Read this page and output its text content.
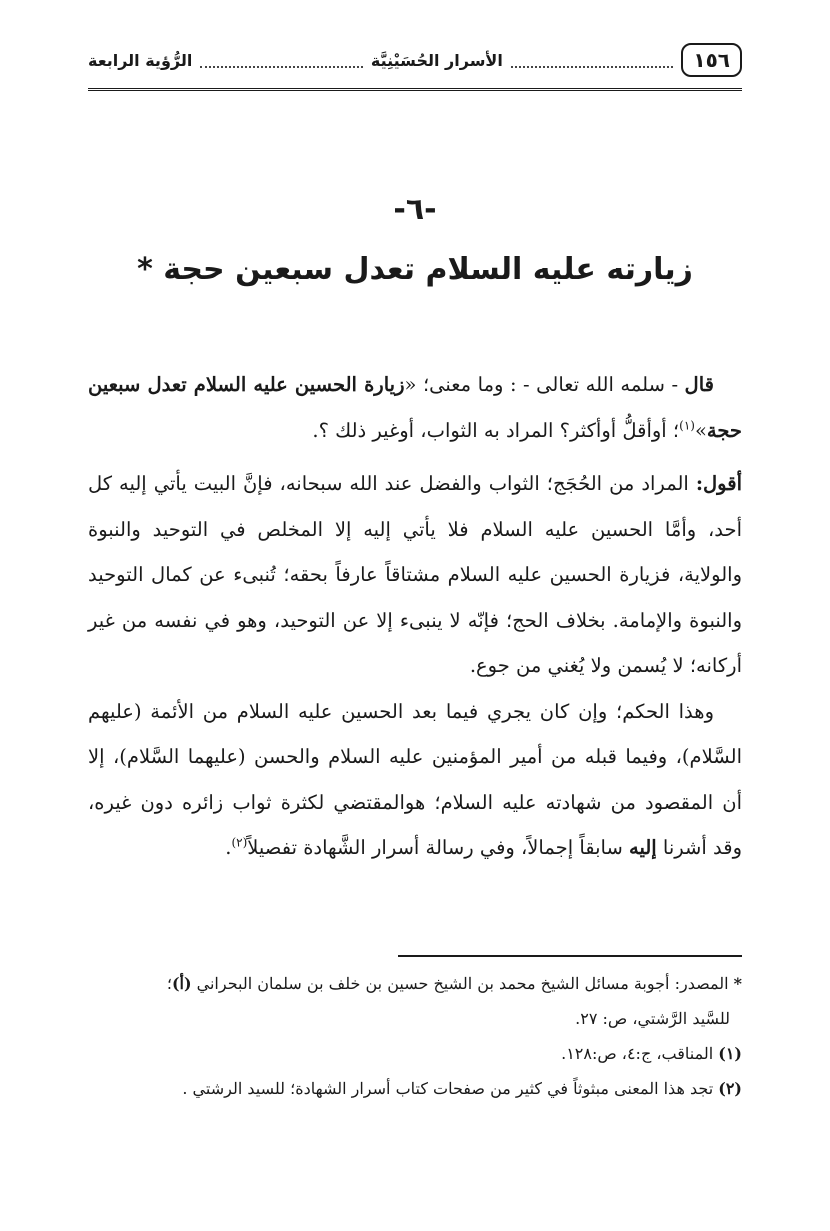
١٥٦
الأسرار الحُسَيْنِيَّة
الرُّؤية الرابعة
-٦-
زيارته عليه السلام تعدل سبعين حجة *

قال - سلمه الله تعالى - : وما معنى؛ «زيارة الحسين عليه السلام تعدل سبعين حجة»$^{(١)}$؛ أوأقلُّ أوأكثر؟ المراد به الثواب، أوغير ذلك ؟.

أقول: المراد من الحُجَج؛ الثواب والفضل عند الله سبحانه، فإنَّ البيت يأتي إليه كل أحد، وأمَّا الحسين عليه السلام فلا يأتي إليه إلا المخلص في التوحيد والنبوة والولاية، فزيارة الحسين عليه السلام مشتاقاً عارفاً بحقه؛ تُنبىء عن كمال التوحيد والنبوة والإمامة. بخلاف الحج؛ فإنّه لا ينبىء إلا عن التوحيد، وهو في نفسه من غير أركانه؛ لا يُسمن ولا يُغني من جوع.

وهذا الحكم؛ وإن كان يجري فيما بعد الحسين عليه السلام من الأئمة (عليهم السَّلام)، وفيما قبله من أمير المؤمنين عليه السلام والحسن (عليهما السَّلام)، إلا أن المقصود من شهادته عليه السلام؛ هوالمقتضي لكثرة ثواب زائره دون غيره، وقد أشرنا إليه سابقاً إجمالاً، وفي رسالة أسرار الشَّهادة تفصيلاً$^{(٢)}$.

* المصدر: أجوبة مسائل الشيخ محمد بن الشيخ حسين بن خلف بن سلمان البحراني (أ)؛

للسَّيد الرَّشتي، ص: ٢٧.

(١) المناقب، ج:٤، ص:١٢٨.

(٢) تجد هذا المعنى مبثوثاً في كثير من صفحات كتاب أسرار الشهادة؛ للسيد الرشتي .
